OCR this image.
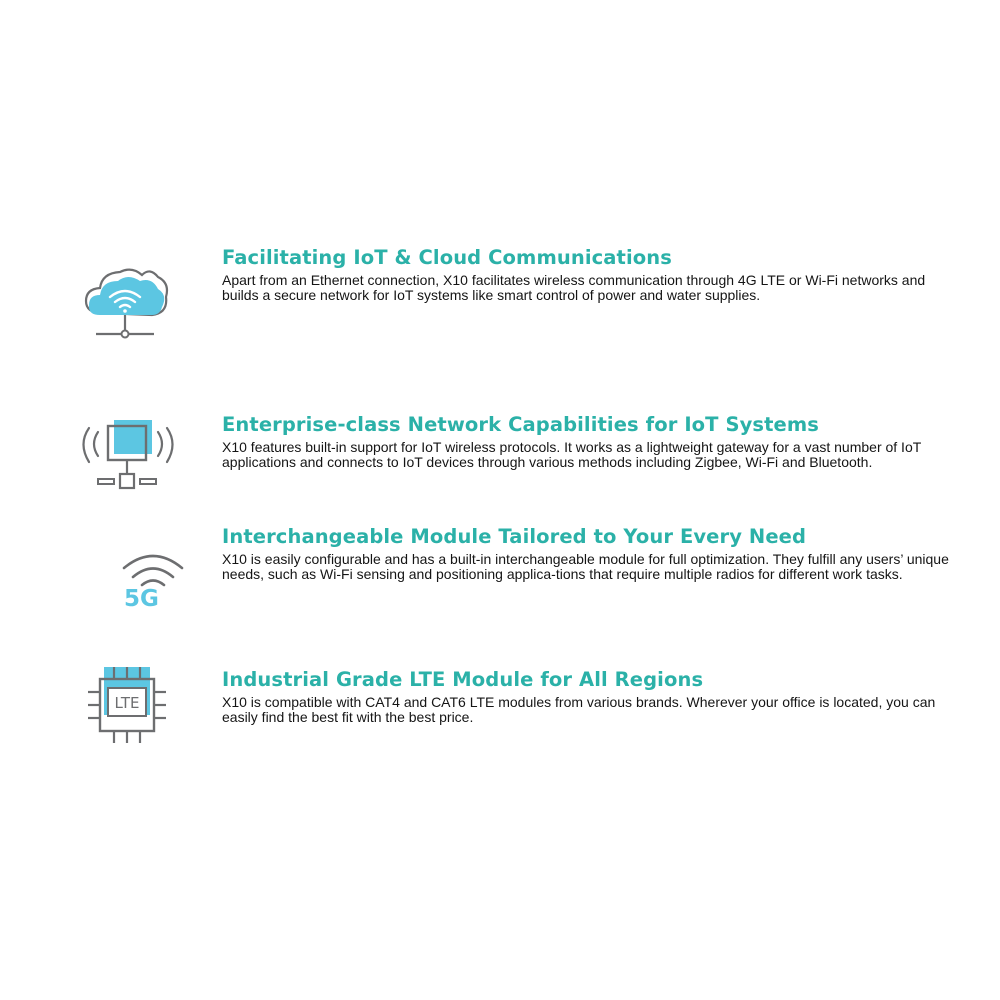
Facilitating IoT & Cloud Communications

Apart from an Ethernet connection, X10 facilitates wireless communication through 4G LTE or Wi-Fi networks and builds a secure network for IoT systems like smart control of power and water supplies.

Enterprise-class Network Capabilities for IoT Systems

X10 features built-in support for IoT wireless protocols. It works as a lightweight gateway for a vast number of IoT applications and connects to IoT devices through various methods including Zigbee, Wi-Fi and Bluetooth.

5G
Interchangeable Module Tailored to Your Every Need

X10 is easily configurable and has a built-in interchangeable module for full optimization. They fulfill any users’ unique needs, such as Wi-Fi sensing and positioning applica-tions that require multiple radios for different work tasks.

LTE
Industrial Grade LTE Module for All Regions

X10 is compatible with CAT4 and CAT6 LTE modules from various brands. Wherever your office is located, you can easily find the best fit with the best price.
